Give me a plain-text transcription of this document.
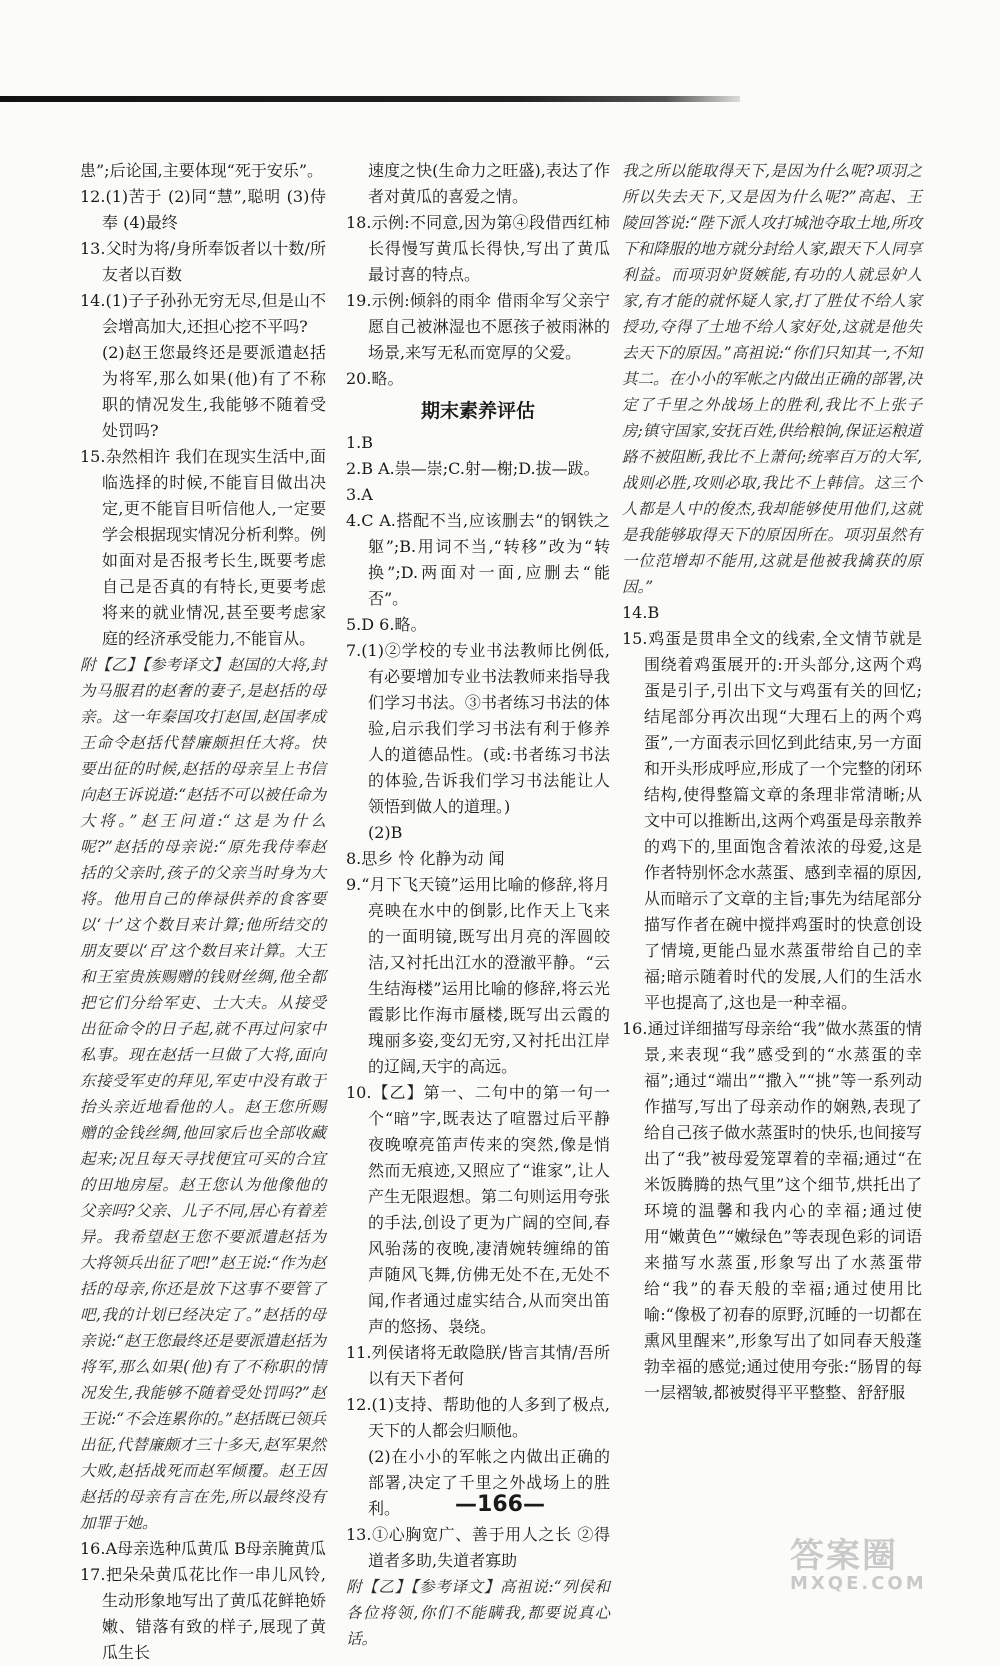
患”;后论国,主要体现“死于安乐”。
12.(1)苦于 (2)同“慧”,聪明 (3)侍奉 (4)最终
13.父时为将/身所奉饭者以十数/所友者以百数
14.(1)子子孙孙无穷无尽,但是山不会增高加大,还担心挖不平吗?
(2)赵王您最终还是要派遣赵括为将军,那么如果(他)有了不称职的情况发生,我能够不随着受处罚吗?
15.杂然相许 我们在现实生活中,面临选择的时候,不能盲目做出决定,更不能盲目听信他人,一定要学会根据现实情况分析利弊。例如面对是否报考长生,既要考虑自己是否真的有特长,更要考虑将来的就业情况,甚至要考虑家庭的经济承受能力,不能盲从。
附【乙】【参考译文】赵国的大将,封为马服君的赵奢的妻子,是赵括的母亲。这一年秦国攻打赵国,赵国孝成王命令赵括代替廉颇担任大将。快要出征的时候,赵括的母亲呈上书信向赵王诉说道:“赵括不可以被任命为大将。”赵王问道:“这是为什么呢?”赵括的母亲说:“原先我侍奉赵括的父亲时,孩子的父亲当时身为大将。他用自己的俸禄供养的食客要以‘十’这个数目来计算;他所结交的朋友要以‘百’这个数目来计算。大王和王室贵族赐赠的钱财丝绸,他全都把它们分给军吏、士大夫。从接受出征命令的日子起,就不再过问家中私事。现在赵括一旦做了大将,面向东接受军吏的拜见,军吏中没有敢于抬头亲近地看他的人。赵王您所赐赠的金钱丝绸,他回家后也全部收藏起来;况且每天寻找便宜可买的合宜的田地房屋。赵王您认为他像他的父亲吗?父亲、儿子不同,居心有着差异。我希望赵王您不要派遣赵括为大将领兵出征了吧!”赵王说:“作为赵括的母亲,你还是放下这事不要管了吧,我的计划已经决定了。”赵括的母亲说:“赵王您最终还是要派遣赵括为将军,那么如果(他)有了不称职的情况发生,我能够不随着受处罚吗?”赵王说:“不会连累你的。”赵括既已领兵出征,代替廉颇才三十多天,赵军果然大败,赵括战死而赵军倾覆。赵王因赵括的母亲有言在先,所以最终没有加罪于她。
16.A母亲选种瓜黄瓜 B母亲腌黄瓜
17.把朵朵黄瓜花比作一串儿风铃,生动形象地写出了黄瓜花鲜艳娇嫩、错落有致的样子,展现了黄瓜生长
速度之快(生命力之旺盛),表达了作者对黄瓜的喜爱之情。
18.示例:不同意,因为第④段借西红柿长得慢写黄瓜长得快,写出了黄瓜最讨喜的特点。
19.示例:倾斜的雨伞 借雨伞写父亲宁愿自己被淋湿也不愿孩子被雨淋的场景,来写无私而宽厚的父爱。
20.略。
期末素养评估
1.B
2.B A.祟—崇;C.射—榭;D.拔—跋。
3.A
4.C A.搭配不当,应该删去“的钢铁之躯”;B.用词不当,“转移”改为“转换”;D.两面对一面,应删去“能否”。
5.D 6.略。
7.(1)②学校的专业书法教师比例低,有必要增加专业书法教师来指导我们学习书法。③书者练习书法的体验,启示我们学习书法有利于修养人的道德品性。(或:书者练习书法的体验,告诉我们学习书法能让人领悟到做人的道理。)
(2)B
8.思乡 怜 化静为动 闻
9.“月下飞天镜”运用比喻的修辞,将月亮映在水中的倒影,比作天上飞来的一面明镜,既写出月亮的浑圆皎洁,又衬托出江水的澄澈平静。“云生结海楼”运用比喻的修辞,将云光霞影比作海市蜃楼,既写出云霞的瑰丽多姿,变幻无穷,又衬托出江岸的辽阔,天宇的高远。
10.【乙】第一、二句中的第一句一个“暗”字,既表达了喧嚣过后平静夜晚嘹亮笛声传来的突然,像是悄然而无痕迹,又照应了“谁家”,让人产生无限遐想。第二句则运用夸张的手法,创设了更为广阔的空间,春风骀荡的夜晚,凄清婉转缠绵的笛声随风飞舞,仿佛无处不在,无处不闻,作者通过虚实结合,从而突出笛声的悠扬、袅绕。
11.列侯诸将无敢隐朕/皆言其情/吾所以有天下者何
12.(1)支持、帮助他的人多到了极点,天下的人都会归顺他。
(2)在小小的军帐之内做出正确的部署,决定了千里之外战场上的胜利。
13.①心胸宽广、善于用人之长 ②得道者多助,失道者寡助
附【乙】【参考译文】高祖说:“列侯和各位将领,你们不能瞒我,都要说真心话。
我之所以能取得天下,是因为什么呢?项羽之所以失去天下,又是因为什么呢?”高起、王陵回答说:“陛下派人攻打城池夺取土地,所攻下和降服的地方就分封给人家,跟天下人同享利益。而项羽妒贤嫉能,有功的人就忌妒人家,有才能的就怀疑人家,打了胜仗不给人家授功,夺得了土地不给人家好处,这就是他失去天下的原因。”高祖说:“你们只知其一,不知其二。在小小的军帐之内做出正确的部署,决定了千里之外战场上的胜利,我比不上张子房;镇守国家,安抚百姓,供给粮饷,保证运粮道路不被阻断,我比不上萧何;统率百万的大军,战则必胜,攻则必取,我比不上韩信。这三个人都是人中的俊杰,我却能够使用他们,这就是我能够取得天下的原因所在。项羽虽然有一位范增却不能用,这就是他被我擒获的原因。”
14.B
15.鸡蛋是贯串全文的线索,全文情节就是围绕着鸡蛋展开的:开头部分,这两个鸡蛋是引子,引出下文与鸡蛋有关的回忆;结尾部分再次出现“大理石上的两个鸡蛋”,一方面表示回忆到此结束,另一方面和开头形成呼应,形成了一个完整的闭环结构,使得整篇文章的条理非常清晰;从文中可以推断出,这两个鸡蛋是母亲散养的鸡下的,里面饱含着浓浓的母爱,这是作者特别怀念水蒸蛋、感到幸福的原因,从而暗示了文章的主旨;事先为结尾部分描写作者在碗中搅拌鸡蛋时的快意创设了情境,更能凸显水蒸蛋带给自己的幸福;暗示随着时代的发展,人们的生活水平也提高了,这也是一种幸福。
16.通过详细描写母亲给“我”做水蒸蛋的情景,来表现“我”感受到的“水蒸蛋的幸福”;通过“端出”“撒入”“挑”等一系列动作描写,写出了母亲动作的娴熟,表现了给自己孩子做水蒸蛋时的快乐,也间接写出了“我”被母爱笼罩着的幸福;通过“在米饭腾腾的热气里”这个细节,烘托出了环境的温馨和我内心的幸福;通过使用“嫩黄色”“嫩绿色”等表现色彩的词语来描写水蒸蛋,形象写出了水蒸蛋带给“我”的春天般的幸福;通过使用比喻:“像极了初春的原野,沉睡的一切都在熏风里醒来”,形象写出了如同春天般蓬勃幸福的感觉;通过使用夸张:“肠胃的每一层褶皱,都被熨得平平整整、舒舒服
—166—
答案圈
MXQE.COM
